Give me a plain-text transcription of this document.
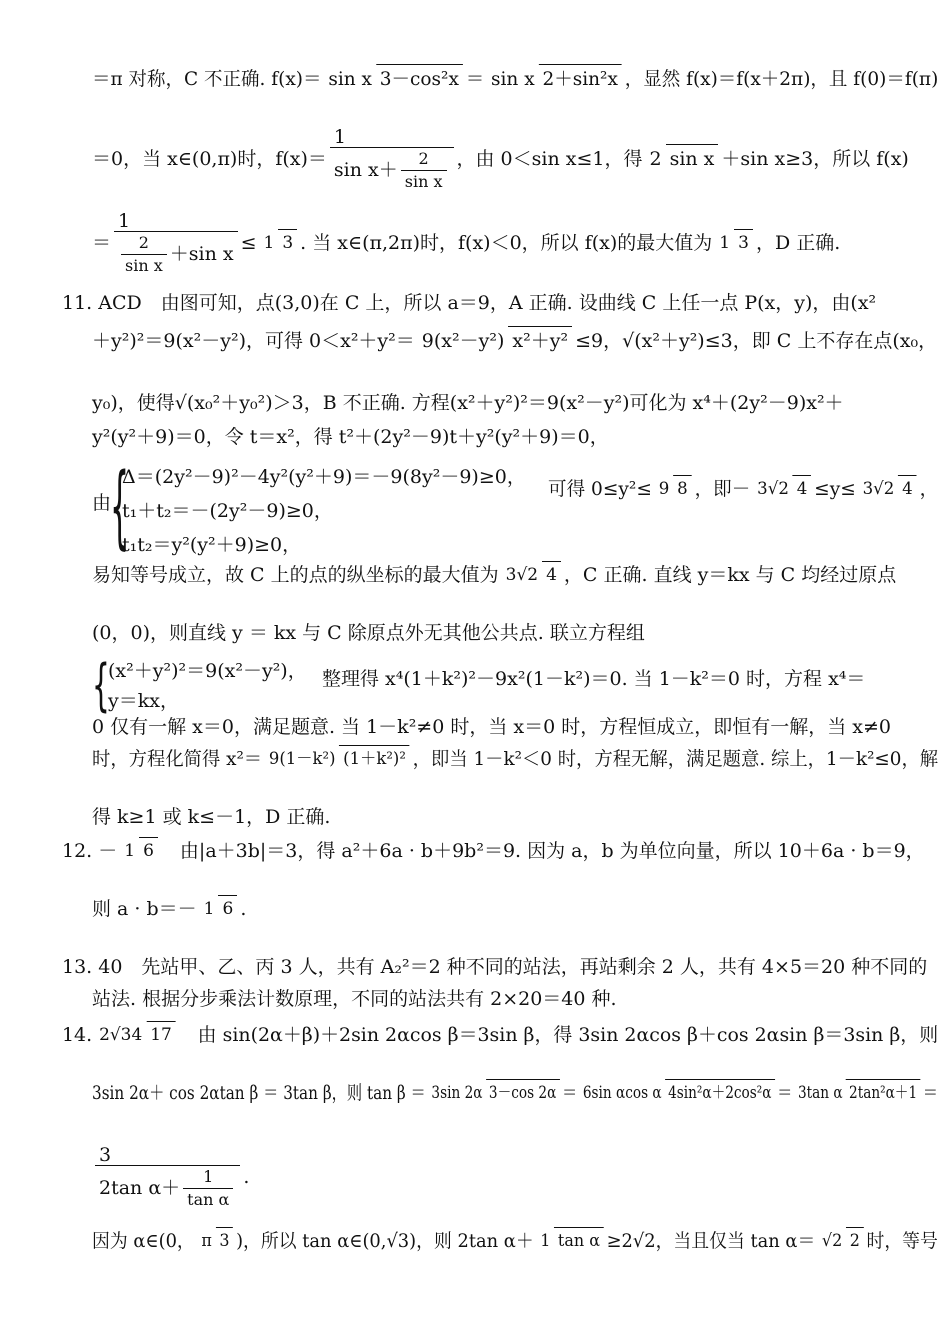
＝π 对称，C 不正确. f(x)＝ sin x 3－cos²x ＝ sin x 2＋sin²x ，显然 f(x)＝f(x＋2π)，且 f(0)＝f(π)
＝0，当 x∈(0,π)时，$f(x)= \frac{1}{\sin x+ \frac{2}{\text{sin x}}}$ ，由 0＜sin x≤1，得 2 sin x ＋sin x≥3，所以 f(x)
＝ $\frac{1}{\frac{2}{\text{sin x}} +\sin x} \le 1$ 3 . 当 x∈(π,2π)时，f(x)＜0，所以 f(x)的最大值为 1 3 ，D 正确.
11. ACD　由图可知，点(3,0)在 C 上，所以 a＝9，A 正确. 设曲线 C 上任一点 P(x，y)，由(x²
＋y²)²＝9(x²－y²)，可得 0＜x²＋y²＝ 9(x²－y²) x²＋y² ≤9，√(x²＋y²)≤3，即 C 上不存在点(x₀，
y₀)，使得√(x₀²＋y₀²)＞3，B 不正确. 方程(x²＋y²)²＝9(x²－y²)可化为 x⁴＋(2y²－9)x²＋
y²(y²＋9)＝0，令 t＝x²，得 t²＋(2y²－9)t＋y²(y²＋9)＝0，
由
{
Δ＝(2y²－9)²－4y²(y²＋9)＝－9(8y²－9)≥0，
t₁＋t₂＝－(2y²－9)≥0，
t₁t₂＝y²(y²＋9)≥0，
可得 0≤y²≤ 9 8 ，即－ 3√2 4 ≤y≤ 3√2 4 ，
易知等号成立，故 C 上的点的纵坐标的最大值为 3√2 4 ，C 正确. 直线 y＝kx 与 C 均经过原点
(0，0)，则直线 y ＝ kx 与 C 除原点外无其他公共点. 联立方程组
{
(x²＋y²)²＝9(x²－y²)，
y＝kx，
整理得 x⁴(1＋k²)²－9x²(1－k²)＝0. 当 1－k²＝0 时，方程 x⁴＝
0 仅有一解 x＝0，满足题意. 当 1－k²≠0 时，当 x＝0 时，方程恒成立，即恒有一解，当 x≠0
时，方程化简得 x²＝ 9(1－k²) (1＋k²)² ，即当 1－k²＜0 时，方程无解，满足题意. 综上，1－k²≤0，解
得 k≥1 或 k≤－1，D 正确.
12. － 1 6 　由|a＋3b|＝3，得 a²＋6a · b＋9b²＝9. 因为 a，b 为单位向量，所以 10＋6a · b＝9，
则 a · b＝－ 1 6 .
13. 40　先站甲、乙、丙 3 人，共有 A₂²＝2 种不同的站法，再站剩余 2 人，共有 4×5＝20 种不同的
站法. 根据分步乘法计数原理，不同的站法共有 2×20＝40 种.
14. 2√34 17 　由 sin(2α＋β)＋2sin 2αcos β＝3sin β，得 3sin 2αcos β＋cos 2αsin β＝3sin β，则
3sin 2α＋ cos 2αtan β ＝ 3tan β，则 tan β ＝ 3sin 2α 3－cos 2α ＝ 6sin αcos α 4sin²α＋2cos²α ＝ 3tan α 2tan²α＋1 ＝
3
2tan $\alpha+ \frac{1}{\text{tan α}}$ .
因为 α∈(0， π 3 )，所以 tan α∈(0,√3)，则 2tan α＋ 1 tan α ≥2√2，当且仅当 tan α＝ √2 2 时，等号
